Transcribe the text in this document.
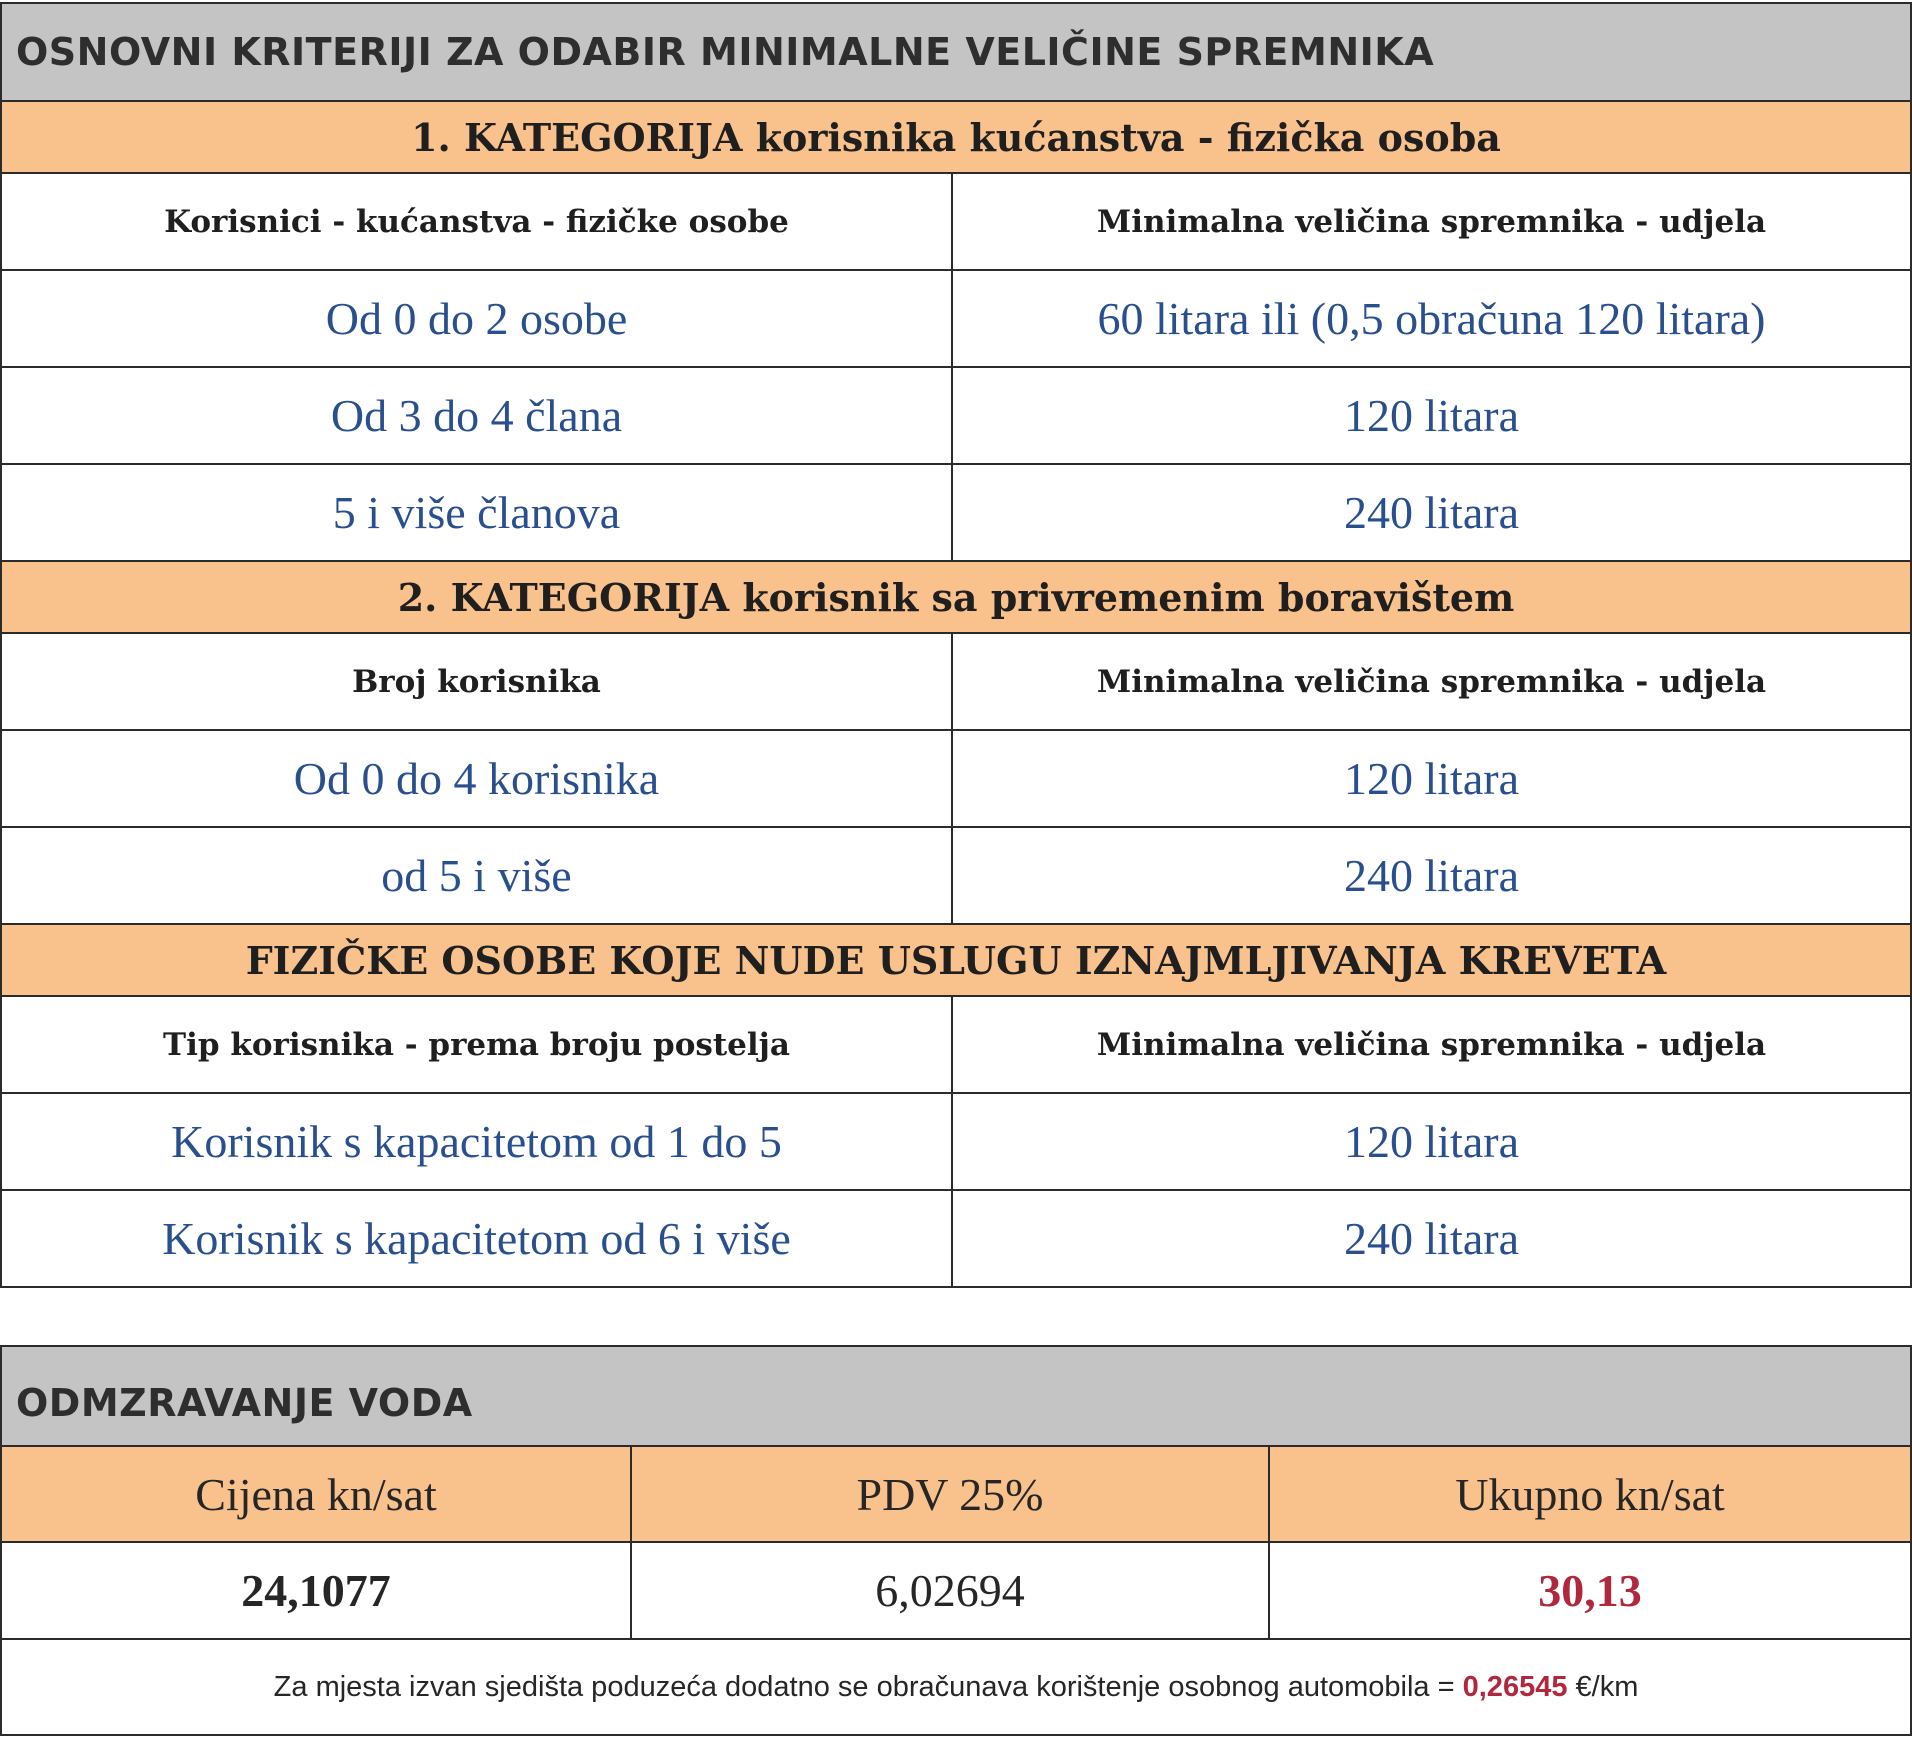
OSNOVNI KRITERIJI ZA ODABIR MINIMALNE VELIČINE SPREMNIKA	
1. KATEGORIJA korisnika kućanstva - fizička osoba	
Korisnici - kućanstva - fizičke osobe	Minimalna veličina spremnika - udjela
Od 0 do 2 osobe	60 litara ili (0,5 obračuna 120 litara)
Od 3 do 4 člana	120 litara
5 i više članova	240 litara
2. KATEGORIJA korisnik sa privremenim boravištem	
Broj korisnika	Minimalna veličina spremnika - udjela
Od 0 do 4 korisnika	120 litara
od 5 i više	240 litara
FIZIČKE OSOBE KOJE NUDE USLUGU IZNAJMLJIVANJA KREVETA	
Tip korisnika - prema broju postelja	Minimalna veličina spremnika - udjela
Korisnik s kapacitetom od 1 do 5	120 litara
Korisnik s kapacitetom od 6 i više	240 litara
ODMZRAVANJE VODA		
Cijena kn/sat	PDV 25%	Ukupno kn/sat
24,1077	6,02694	30,13
Za mjesta izvan sjedišta poduzeća dodatno se obračunava korištenje osobnog automobila = 0,26545 €/km		
